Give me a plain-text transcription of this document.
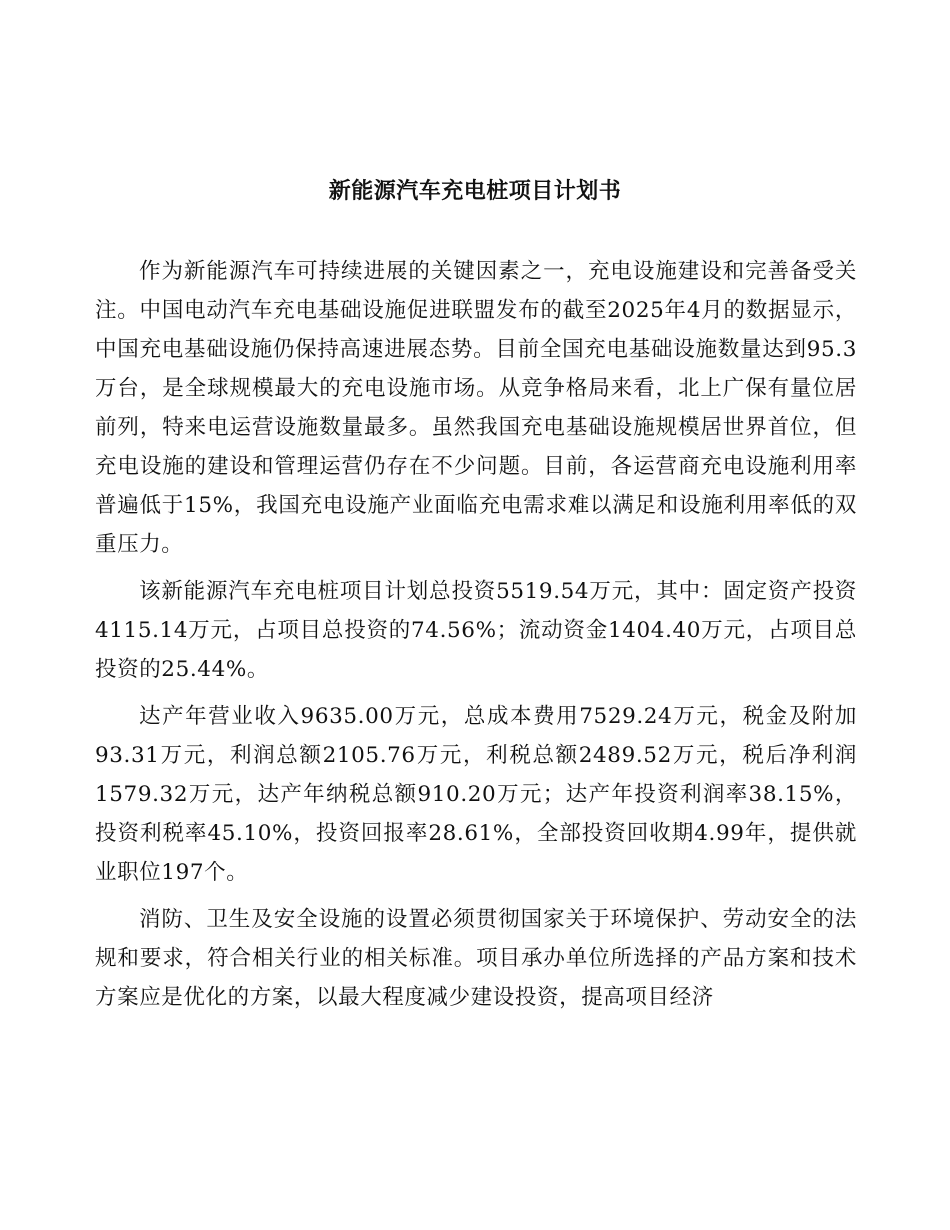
新能源汽车充电桩项目计划书

作为新能源汽车可持续进展的关键因素之一，充电设施建设和完善备受关注。中国电动汽车充电基础设施促进联盟发布的截至2025年4月的数据显示，中国充电基础设施仍保持高速进展态势。目前全国充电基础设施数量达到95.3万台，是全球规模最大的充电设施市场。从竞争格局来看，北上广保有量位居前列，特来电运营设施数量最多。虽然我国充电基础设施规模居世界首位，但充电设施的建设和管理运营仍存在不少问题。目前，各运营商充电设施利用率普遍低于15%，我国充电设施产业面临充电需求难以满足和设施利用率低的双重压力。

该新能源汽车充电桩项目计划总投资5519.54万元，其中：固定资产投资4115.14万元，占项目总投资的74.56%；流动资金1404.40万元，占项目总投资的25.44%。

达产年营业收入9635.00万元，总成本费用7529.24万元，税金及附加93.31万元，利润总额2105.76万元，利税总额2489.52万元，税后净利润1579.32万元，达产年纳税总额910.20万元；达产年投资利润率38.15%，投资利税率45.10%，投资回报率28.61%，全部投资回收期4.99年，提供就业职位197个。

消防、卫生及安全设施的设置必须贯彻国家关于环境保护、劳动安全的法规和要求，符合相关行业的相关标准。项目承办单位所选择的产品方案和技术方案应是优化的方案，以最大程度减少建设投资，提高项目经济
